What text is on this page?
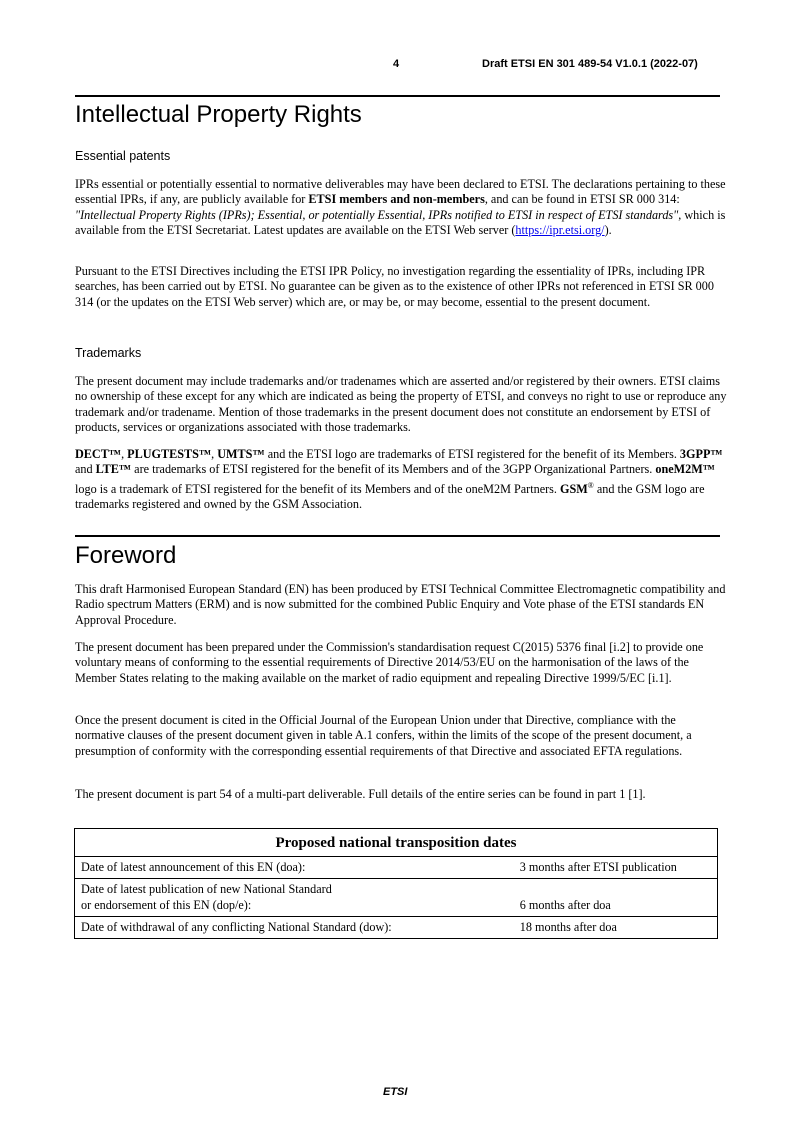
4	Draft ETSI EN 301 489-54 V1.0.1 (2022-07)
Intellectual Property Rights
Essential patents

IPRs essential or potentially essential to normative deliverables may have been declared to ETSI. The declarations pertaining to these essential IPRs, if any, are publicly available for ETSI members and non-members, and can be found in ETSI SR 000 314: "Intellectual Property Rights (IPRs); Essential, or potentially Essential, IPRs notified to ETSI in respect of ETSI standards", which is available from the ETSI Secretariat. Latest updates are available on the ETSI Web server (https://ipr.etsi.org/).

Pursuant to the ETSI Directives including the ETSI IPR Policy, no investigation regarding the essentiality of IPRs, including IPR searches, has been carried out by ETSI. No guarantee can be given as to the existence of other IPRs not referenced in ETSI SR 000 314 (or the updates on the ETSI Web server) which are, or may be, or may become, essential to the present document.

Trademarks

The present document may include trademarks and/or tradenames which are asserted and/or registered by their owners. ETSI claims no ownership of these except for any which are indicated as being the property of ETSI, and conveys no right to use or reproduce any trademark and/or tradename. Mention of those trademarks in the present document does not constitute an endorsement by ETSI of products, services or organizations associated with those trademarks.

DECT™, PLUGTESTS™, UMTS™ and the ETSI logo are trademarks of ETSI registered for the benefit of its Members. 3GPP™ and LTE™ are trademarks of ETSI registered for the benefit of its Members and of the 3GPP Organizational Partners. oneM2M™ logo is a trademark of ETSI registered for the benefit of its Members and of the oneM2M Partners. GSM® and the GSM logo are trademarks registered and owned by the GSM Association.

Foreword

This draft Harmonised European Standard (EN) has been produced by ETSI Technical Committee Electromagnetic compatibility and Radio spectrum Matters (ERM) and is now submitted for the combined Public Enquiry and Vote phase of the ETSI standards EN Approval Procedure.

The present document has been prepared under the Commission's standardisation request C(2015) 5376 final [i.2] to provide one voluntary means of conforming to the essential requirements of Directive 2014/53/EU on the harmonisation of the laws of the Member States relating to the making available on the market of radio equipment and repealing Directive 1999/5/EC [i.1].

Once the present document is cited in the Official Journal of the European Union under that Directive, compliance with the normative clauses of the present document given in table A.1 confers, within the limits of the scope of the present document, a presumption of conformity with the corresponding essential requirements of that Directive and associated EFTA regulations.

The present document is part 54 of a multi-part deliverable. Full details of the entire series can be found in part 1 [1].

Proposed national transposition dates	
Date of latest announcement of this EN (doa):	3 months after ETSI publication
Date of latest publication of new National Standard
or endorsement of this EN (dop/e):	6 months after doa
Date of withdrawal of any conflicting National Standard (dow):	18 months after doa
ETSI
